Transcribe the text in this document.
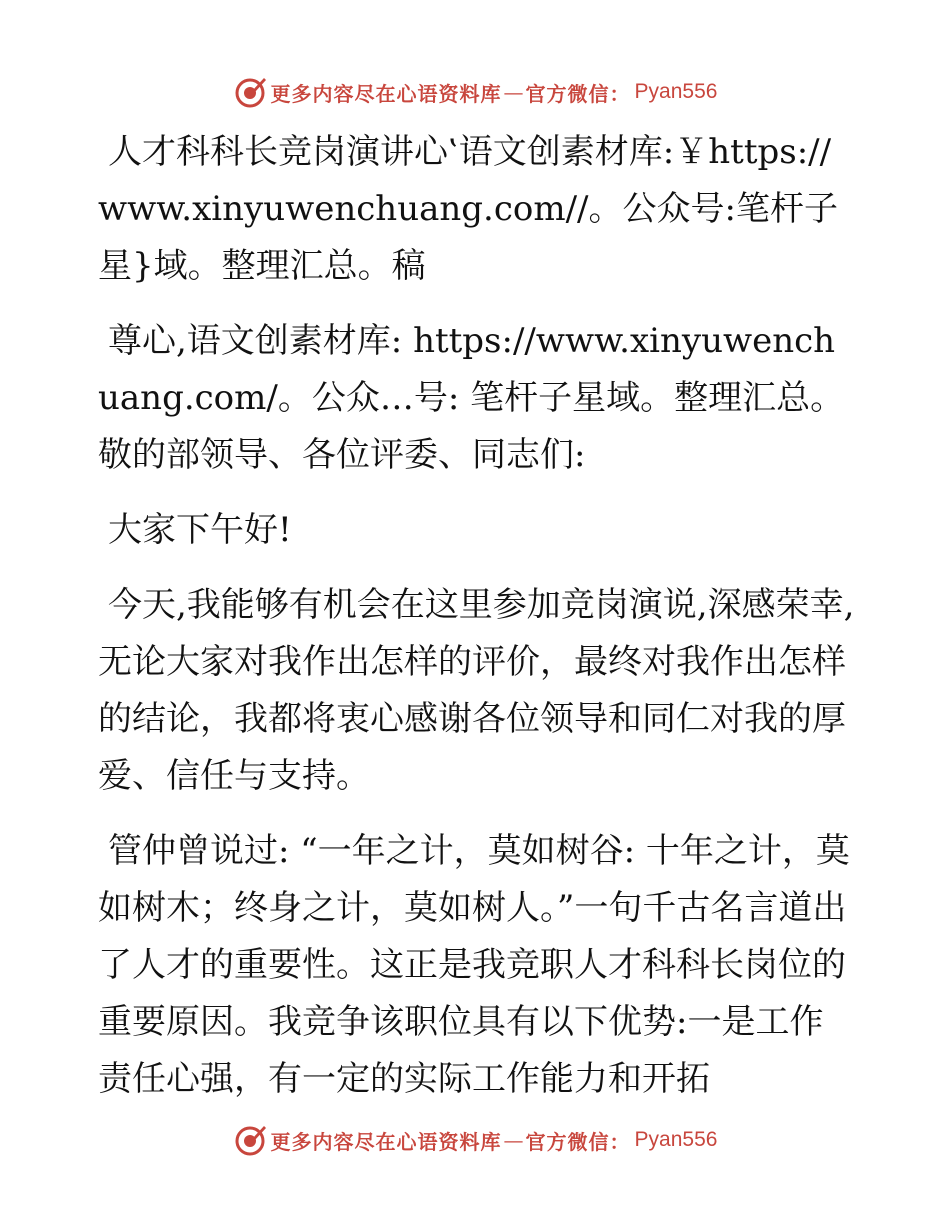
更多内容尽在心语资料库 — 官方微信： Pyan556

人才科科长竞岗演讲心‛语文创素材库:￥https://www.xinyuwenchuang.com//。公众号:笔杆子星}域。整理汇总。稿

尊心,语文创素材库: https://www.xinyuwenchuang.com/。公众…号: 笔杆子星域。整理汇总。敬的部领导、各位评委、同志们:

大家下午好!

今天,我能够有机会在这里参加竞岗演说,深感荣幸,无论大家对我作出怎样的评价，最终对我作出怎样的结论，我都将衷心感谢各位领导和同仁对我的厚爱、信任与支持。

管仲曾说过: “一年之计，莫如树谷: 十年之计，莫如树木；终身之计，莫如树人。”一句千古名言道出了人才的重要性。这正是我竞职人才科科长岗位的重要原因。我竞争该职位具有以下优势:一是工作责任心强，有一定的实际工作能力和开拓

更多内容尽在心语资料库 — 官方微信： Pyan556
